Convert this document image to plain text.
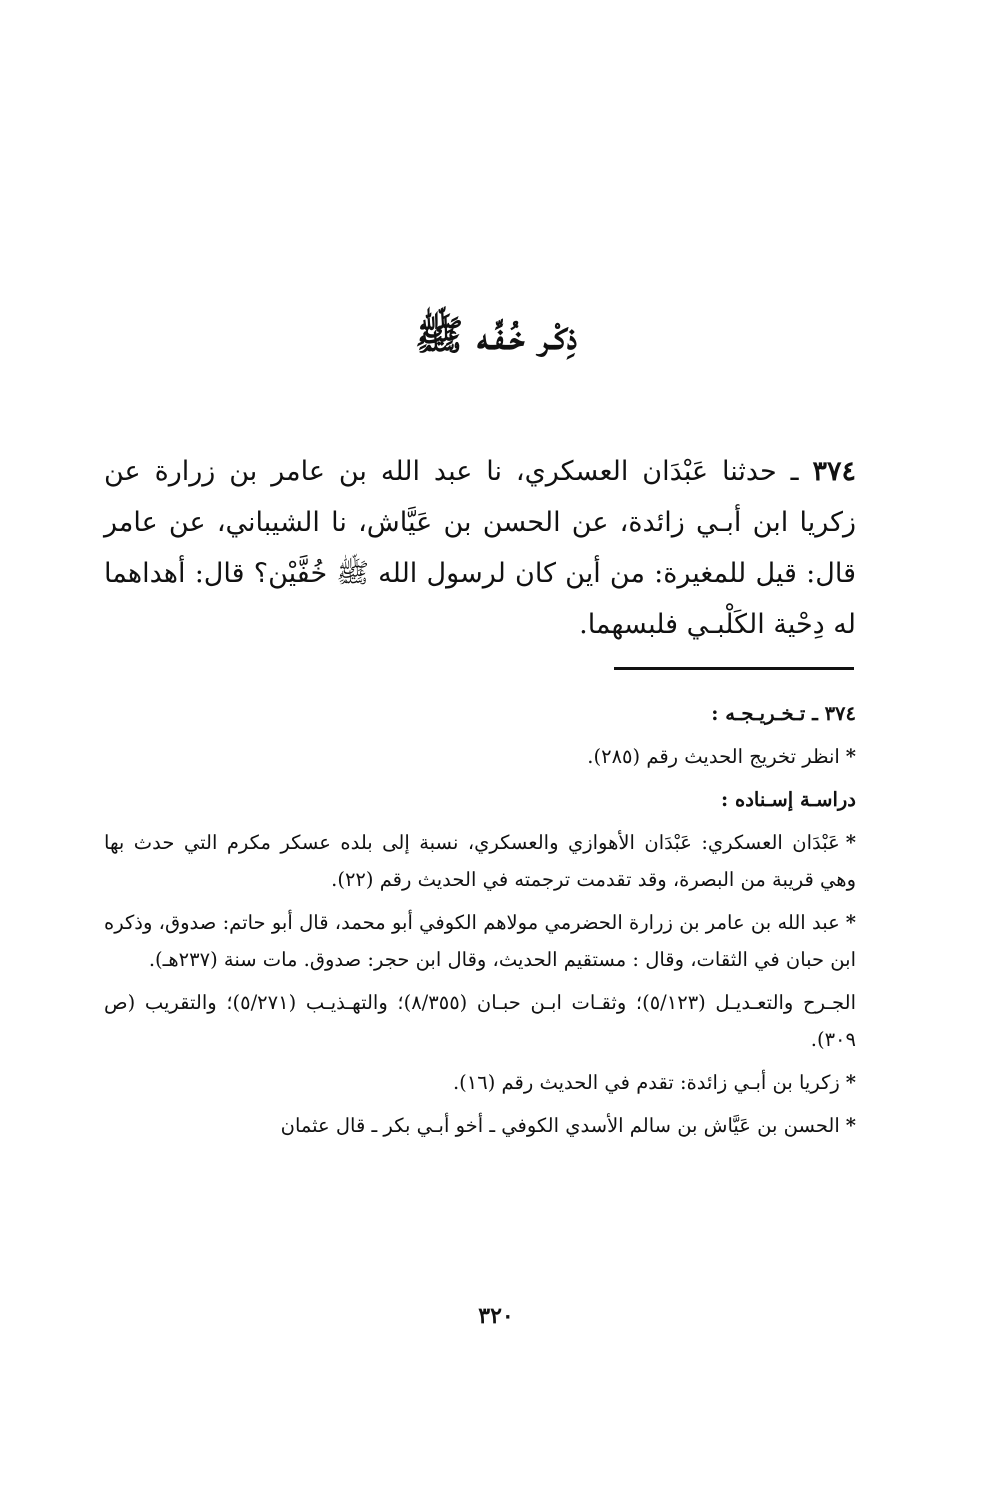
ذِكْـر خُـفِّـه ﷺ
٣٧٤ ـ حدثنا عَبْدَان العسكري، نا عبد الله بن عامر بن زرارة عن زكريا ابن أبـي زائدة، عن الحسن بن عَيَّاش، نا الشيباني، عن عامر قال: قيل للمغيرة: من أين كان لرسول الله ﷺ خُفَّيْن؟ قال: أهداهما له دِحْية الكَلْبـي فلبسهما.

٣٧٤ ـ تـخـريـجـه :

*انظر تخريج الحديث رقم (٢٨٥).

دراسـة إسـناده :

*عَبْدَان العسكري: عَبْدَان الأهوازي والعسكري، نسبة إلى بلده عسكر مكرم التي حدث بها وهي قريبة من البصرة، وقد تقدمت ترجمته في الحديث رقم (٢٢).

*عبد الله بن عامر بن زرارة الحضرمي مولاهم الكوفي أبو محمد، قال أبو حاتم: صدوق، وذكره ابن حبان في الثقات، وقال : مستقيم الحديث، وقال ابن حجر: صدوق. مات سنة (٢٣٧هـ).

الجـرح والتعـديـل (٥/١٢٣)؛ وثقـات ابـن حبـان (٨/٣٥٥)؛ والتهـذيـب (٥/٢٧١)؛ والتقريب (ص ٣٠٩).

*زكريا بن أبـي زائدة: تقدم في الحديث رقم (١٦).

*الحسن بن عَيَّاش بن سالم الأسدي الكوفي ـ أخو أبـي بكر ـ قال عثمان

٣٢٠
